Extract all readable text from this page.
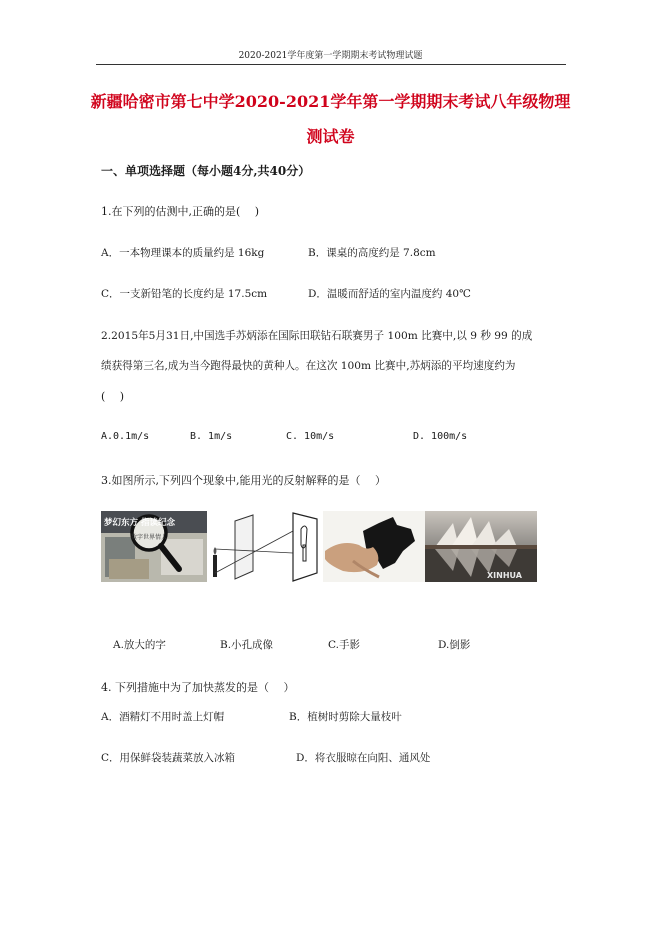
2020-2021学年度第一学期期末考试物理试题
新疆哈密市第七中学2020-2021学年第一学期期末考试八年级物理
测试卷
一、单项选择题（每小题4分,共40分）
1.在下列的估测中,正确的是(　 )
A．一本物理课本的质量约是 16kg	B．课桌的高度约是 7.8cm
C．一支新铅笔的长度约是 17.5cm	D．温暖而舒适的室内温度约 40℃
2.2015年5月31日,中国选手苏炳添在国际田联钻石联赛男子 100m 比赛中,以 9 秒 99 的成
绩获得第三名,成为当今跑得最快的黄种人。在这次 100m 比赛中,苏炳添的平均速度约为
(　 )
A.0.1m/s	B. 1m/s	C. 10m/s	D. 100m/s
3.如图所示,下列四个现象中,能用光的反射解释的是（　 ）
梦幻东方 指读纪念
数字世界情人
XINHUA
A.放大的字	B.小孔成像	C.手影	D.倒影
4. 下列措施中为了加快蒸发的是（　 ）
A．酒精灯不用时盖上灯帽	B．植树时剪除大量枝叶
C．用保鲜袋装蔬菜放入冰箱	D．将衣服晾在向阳、通风处
